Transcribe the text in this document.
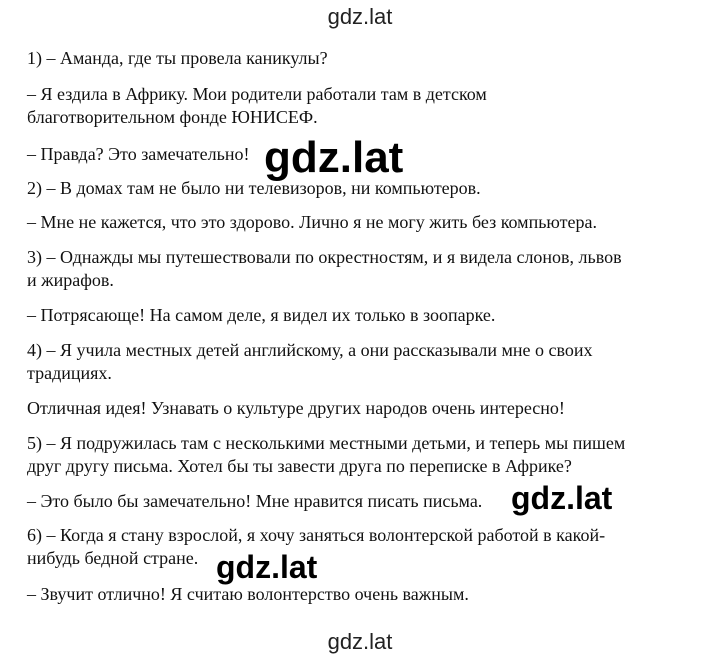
gdz.lat
1) – Аманда, где ты провела каникулы?
– Я ездила в Африку. Мои родители работали там в детском
благотворительном фонде ЮНИСЕФ.
– Правда? Это замечательно!
2) – В домах там не было ни телевизоров, ни компьютеров.
– Мне не кажется, что это здорово. Лично я не могу жить без компьютера.
3) – Однажды мы путешествовали по окрестностям, и я видела слонов, львов
и жирафов.
– Потрясающе! На самом деле, я видел их только в зоопарке.
4) – Я учила местных детей английскому, а они рассказывали мне о своих
традициях.
Отличная идея! Узнавать о культуре других народов очень интересно!
5) – Я подружилась там с несколькими местными детьми, и теперь мы пишем
друг другу письма. Хотел бы ты завести друга по переписке в Африке?
– Это было бы замечательно! Мне нравится писать письма.
6) – Когда я стану взрослой, я хочу заняться волонтерской работой в какой-
нибудь бедной стране.
– Звучит отлично! Я считаю волонтерство очень важным.
gdz.lat
gdz.lat
gdz.lat
gdz.lat
